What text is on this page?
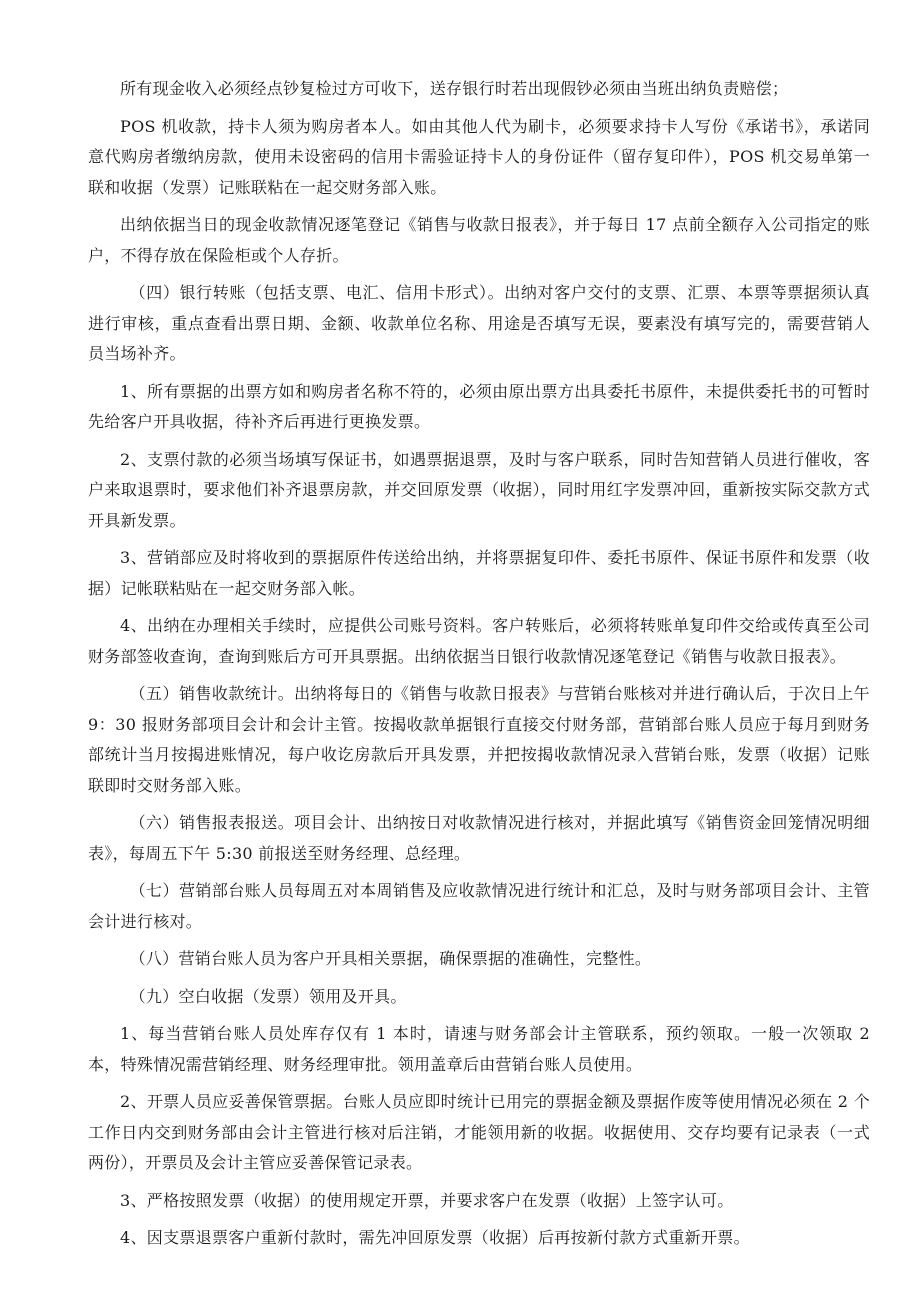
所有现金收入必须经点钞复检过方可收下，送存银行时若出现假钞必须由当班出纳负责赔偿；

POS 机收款，持卡人须为购房者本人。如由其他人代为刷卡，必须要求持卡人写份《承诺书》，承诺同意代购房者缴纳房款，使用未设密码的信用卡需验证持卡人的身份证件（留存复印件），POS 机交易单第一联和收据（发票）记账联粘在一起交财务部入账。

出纳依据当日的现金收款情况逐笔登记《销售与收款日报表》，并于每日 17 点前全额存入公司指定的账户，不得存放在保险柜或个人存折。

（四）银行转账（包括支票、电汇、信用卡形式）。出纳对客户交付的支票、汇票、本票等票据须认真进行审核，重点查看出票日期、金额、收款单位名称、用途是否填写无误，要素没有填写完的，需要营销人员当场补齐。

1、所有票据的出票方如和购房者名称不符的，必须由原出票方出具委托书原件，未提供委托书的可暂时先给客户开具收据，待补齐后再进行更换发票。

2、支票付款的必须当场填写保证书，如遇票据退票，及时与客户联系，同时告知营销人员进行催收，客户来取退票时，要求他们补齐退票房款，并交回原发票（收据），同时用红字发票冲回，重新按实际交款方式开具新发票。

3、营销部应及时将收到的票据原件传送给出纳，并将票据复印件、委托书原件、保证书原件和发票（收据）记帐联粘贴在一起交财务部入帐。

4、出纳在办理相关手续时，应提供公司账号资料。客户转账后，必须将转账单复印件交给或传真至公司财务部签收查询，查询到账后方可开具票据。出纳依据当日银行收款情况逐笔登记《销售与收款日报表》。

（五）销售收款统计。出纳将每日的《销售与收款日报表》与营销台账核对并进行确认后，于次日上午 9：30 报财务部项目会计和会计主管。按揭收款单据银行直接交付财务部，营销部台账人员应于每月到财务部统计当月按揭进账情况，每户收讫房款后开具发票，并把按揭收款情况录入营销台账，发票（收据）记账联即时交财务部入账。

（六）销售报表报送。项目会计、出纳按日对收款情况进行核对，并据此填写《销售资金回笼情况明细表》，每周五下午 5:30 前报送至财务经理、总经理。

（七）营销部台账人员每周五对本周销售及应收款情况进行统计和汇总，及时与财务部项目会计、主管会计进行核对。

（八）营销台账人员为客户开具相关票据，确保票据的准确性，完整性。

（九）空白收据（发票）领用及开具。

1、每当营销台账人员处库存仅有 1 本时，请速与财务部会计主管联系，预约领取。一般一次领取 2 本，特殊情况需营销经理、财务经理审批。领用盖章后由营销台账人员使用。

2、开票人员应妥善保管票据。台账人员应即时统计已用完的票据金额及票据作废等使用情况必须在 2 个工作日内交到财务部由会计主管进行核对后注销，才能领用新的收据。收据使用、交存均要有记录表（一式两份），开票员及会计主管应妥善保管记录表。

3、严格按照发票（收据）的使用规定开票，并要求客户在发票（收据）上签字认可。

4、因支票退票客户重新付款时，需先冲回原发票（收据）后再按新付款方式重新开票。
